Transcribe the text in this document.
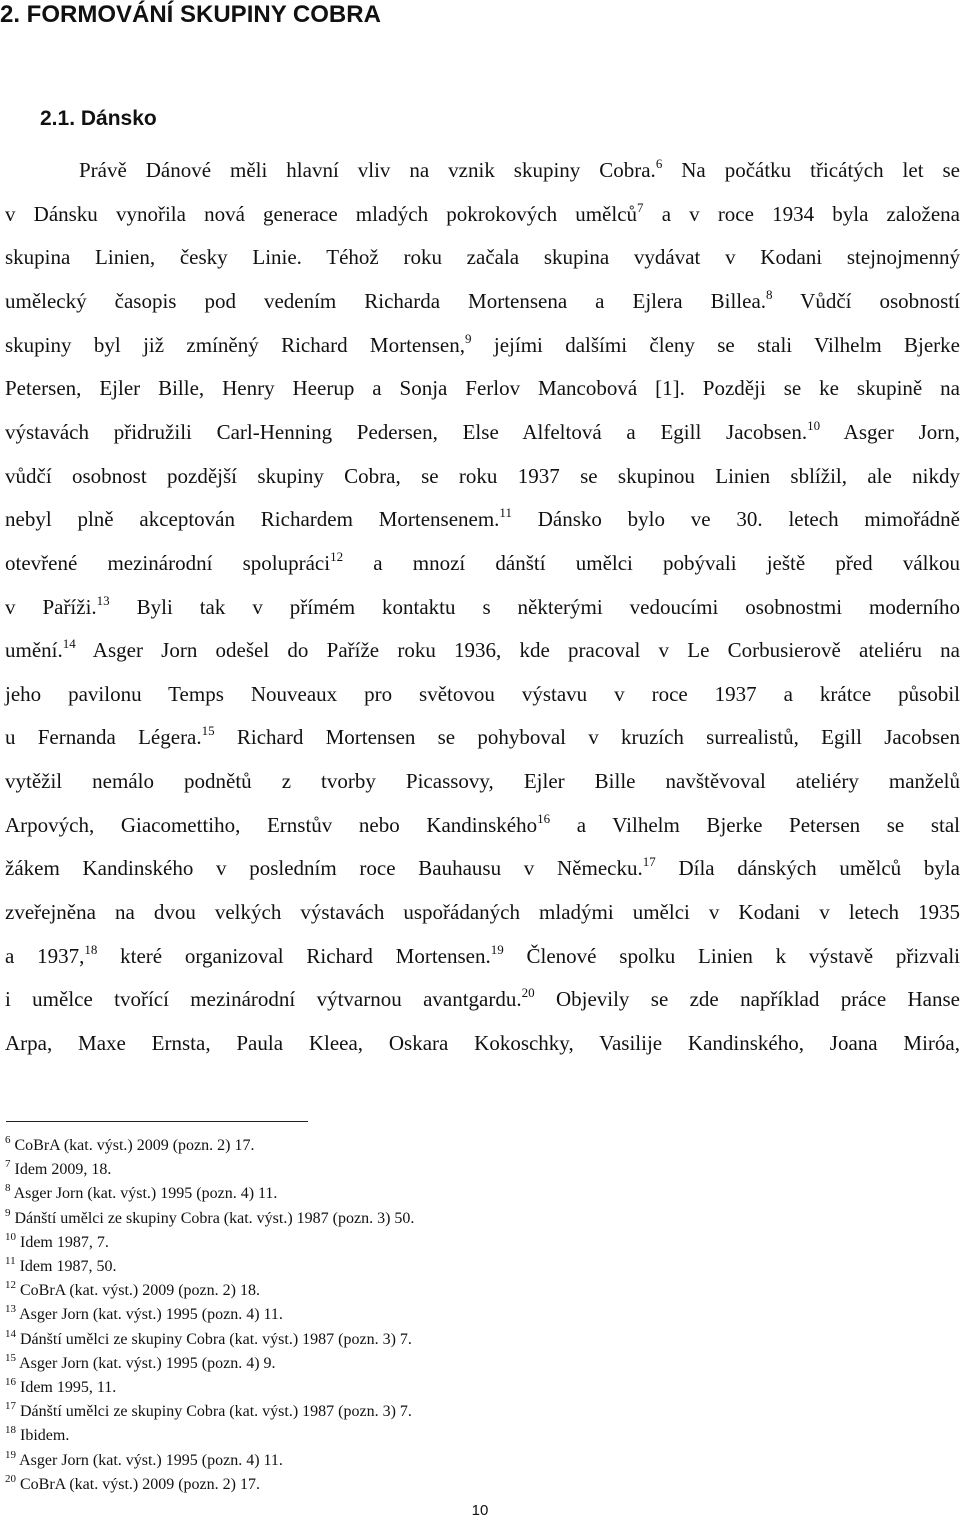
2. FORMOVÁNÍ SKUPINY COBRA
2.1. Dánsko
Právě Dánové měli hlavní vliv na vznik skupiny Cobra.$^6$ Na počátku třicátých let se
v Dánsku vynořila nová generace mladých pokrokových umělců$^7$ a v roce 1934 byla založena
skupina Linien, česky Linie. Téhož roku začala skupina vydávat v Kodani stejnojmenný
umělecký časopis pod vedením Richarda Mortensena a Ejlera Billea.$^8$ Vůdčí osobností
skupiny byl již zmíněný Richard Mortensen,$^9$ jejími dalšími členy se stali Vilhelm Bjerke
Petersen, Ejler Bille, Henry Heerup a Sonja Ferlov Mancobová [1]. Později se ke skupině na
výstavách přidružili Carl-Henning Pedersen, Else Alfeltová a Egill Jacobsen.$^{10}$ Asger Jorn,
vůdčí osobnost pozdější skupiny Cobra, se roku 1937 se skupinou Linien sblížil, ale nikdy
nebyl plně akceptován Richardem Mortensenem.$^{11}$ Dánsko bylo ve 30. letech mimořádně
otevřené mezinárodní spolupráci$^{12}$ a mnozí dánští umělci pobývali ještě před válkou
v Paříži.$^{13}$ Byli tak v přímém kontaktu s některými vedoucími osobnostmi moderního
umění.$^{14}$ Asger Jorn odešel do Paříže roku 1936, kde pracoval v Le Corbusierově ateliéru na
jeho pavilonu Temps Nouveaux pro světovou výstavu v roce 1937 a krátce působil
u Fernanda Légera.$^{15}$ Richard Mortensen se pohyboval v kruzích surrealistů, Egill Jacobsen
vytěžil nemálo podnětů z tvorby Picassovy, Ejler Bille navštěvoval ateliéry manželů
Arpových, Giacomettiho, Ernstův nebo Kandinského$^{16}$ a Vilhelm Bjerke Petersen se stal
žákem Kandinského v posledním roce Bauhausu v Německu.$^{17}$ Díla dánských umělců byla
zveřejněna na dvou velkých výstavách uspořádaných mladými umělci v Kodani v letech 1935
a 1937,18 které organizoval Richard Mortensen.$^{19}$ Členové spolku Linien k výstavě přizvali
i umělce tvořící mezinárodní výtvarnou avantgardu.$^{20}$ Objevily se zde například práce Hanse
Arpa, Maxe Ernsta, Paula Kleea, Oskara Kokoschky, Vasilije Kandinského, Joana Miróa,
$^6$ CoBrA (kat. výst.) 2009 (pozn. 2) 17.
$^7$ Idem 2009, 18.
$^8$ Asger Jorn (kat. výst.) 1995 (pozn. 4) 11.
$^9$ Dánští umělci ze skupiny Cobra (kat. výst.) 1987 (pozn. 3) 50.
$^{10}$ Idem 1987, 7.
$^{11}$ Idem 1987, 50.
$^{12}$ CoBrA (kat. výst.) 2009 (pozn. 2) 18.
$^{13}$ Asger Jorn (kat. výst.) 1995 (pozn. 4) 11.
$^{14}$ Dánští umělci ze skupiny Cobra (kat. výst.) 1987 (pozn. 3) 7.
$^{15}$ Asger Jorn (kat. výst.) 1995 (pozn. 4) 9.
$^{16}$ Idem 1995, 11.
$^{17}$ Dánští umělci ze skupiny Cobra (kat. výst.) 1987 (pozn. 3) 7.
$^{18}$ Ibidem.
$^{19}$ Asger Jorn (kat. výst.) 1995 (pozn. 4) 11.
$^{20}$ CoBrA (kat. výst.) 2009 (pozn. 2) 17.
10
